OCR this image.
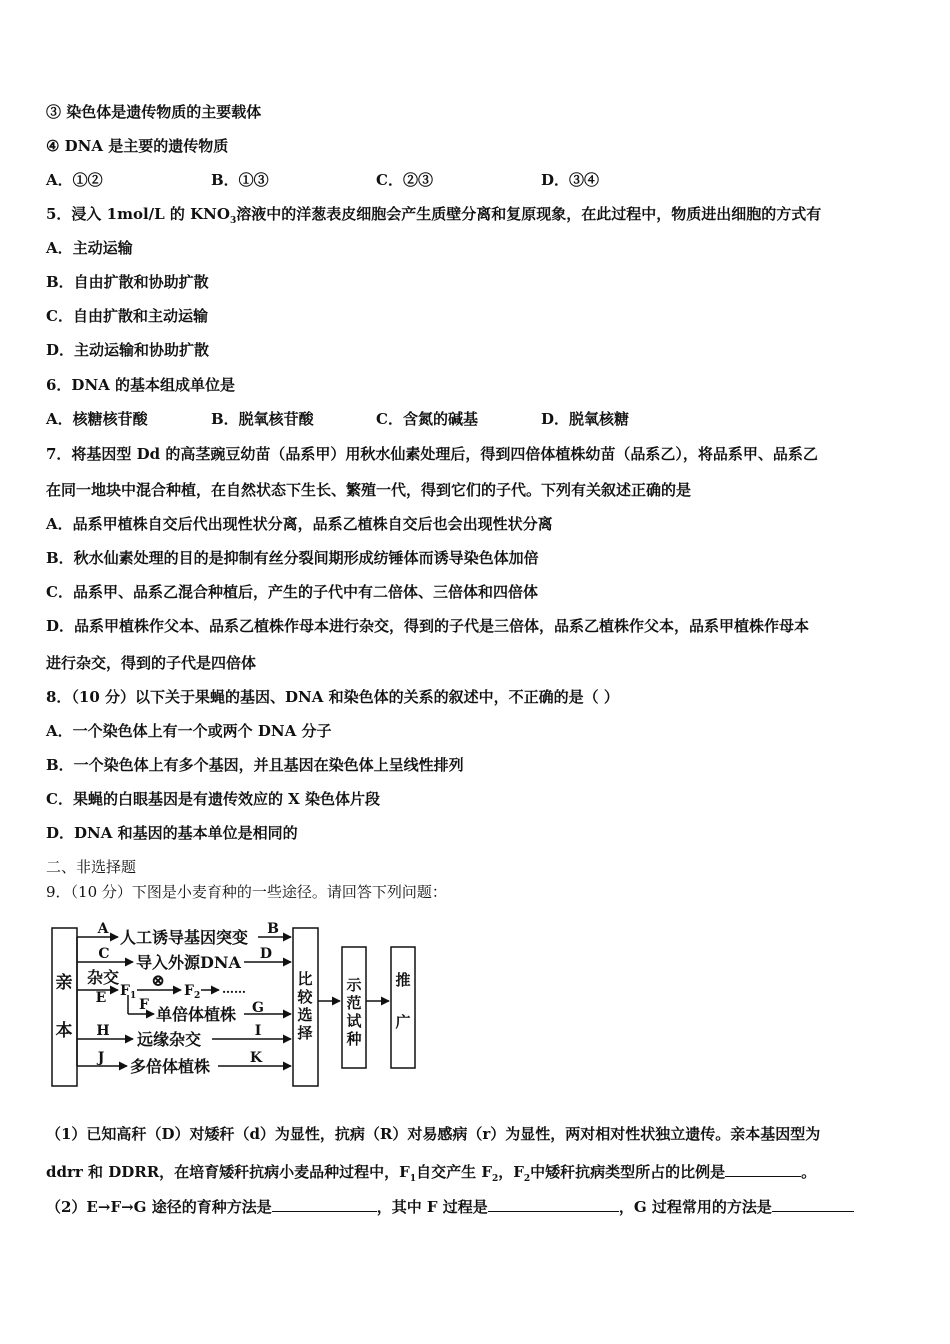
③ 染色体是遗传物质的主要载体
④ DNA 是主要的遗传物质
A．①②	B．①③	C．②③	D．③④
5．浸入 1mol/L 的 $KNO_3$溶液中的洋葱表皮细胞会产生质壁分离和复原现象，在此过程中，物质进出细胞的方式有
A．主动运输
B．自由扩散和协助扩散
C．自由扩散和主动运输
D．主动运输和协助扩散
6．DNA 的基本组成单位是
A．核糖核苷酸	B．脱氧核苷酸	C．含氮的碱基	D．脱氧核糖
7．将基因型 Dd 的高茎豌豆幼苗（品系甲）用秋水仙素处理后，得到四倍体植株幼苗（品系乙），将品系甲、品系乙
在同一地块中混合种植，在自然状态下生长、繁殖一代，得到它们的子代。下列有关叙述正确的是
A．品系甲植株自交后代出现性状分离，品系乙植株自交后也会出现性状分离
B．秋水仙素处理的目的是抑制有丝分裂间期形成纺锤体而诱导染色体加倍
C．品系甲、品系乙混合种植后，产生的子代中有二倍体、三倍体和四倍体
D．品系甲植株作父本、品系乙植株作母本进行杂交，得到的子代是三倍体，品系乙植株作父本，品系甲植株作母本
进行杂交，得到的子代是四倍体
8．（10 分）以下关于果蝇的基因、DNA 和染色体的关系的叙述中，不正确的是（ ）
A．一个染色体上有一个或两个 DNA 分子
B．一个染色体上有多个基因，并且基因在染色体上呈线性排列
C．果蝇的白眼基因是有遗传效应的 X 染色体片段
D．DNA 和基因的基本单位是相同的
二、非选择题
9．（10 分）下图是小麦育种的一些途径。请回答下列问题：
亲
本
A 人工诱导基因突变 B
C 导入外源DNA D
杂交
E $F_1$
⊗ $F_2$ ……
F 单倍体植株 G
H 远缘杂交	I
J 多倍体植株	K
比
较
选
择
示
范
试
种
推
广
（1）已知高秆（D）对矮秆（d）为显性，抗病（R）对易感病（r）为显性，两对相对性状独立遗传。亲本基因型为
ddrr 和 DDRR，在培育矮秆抗病小麦品种过程中，$F_1$自交产生 $F_2$，$F_2$中矮秆抗病类型所占的比例是	。
（2）E→F→G 途径的育种方法是	，其中 F 过程是	，G 过程常用的方法是
